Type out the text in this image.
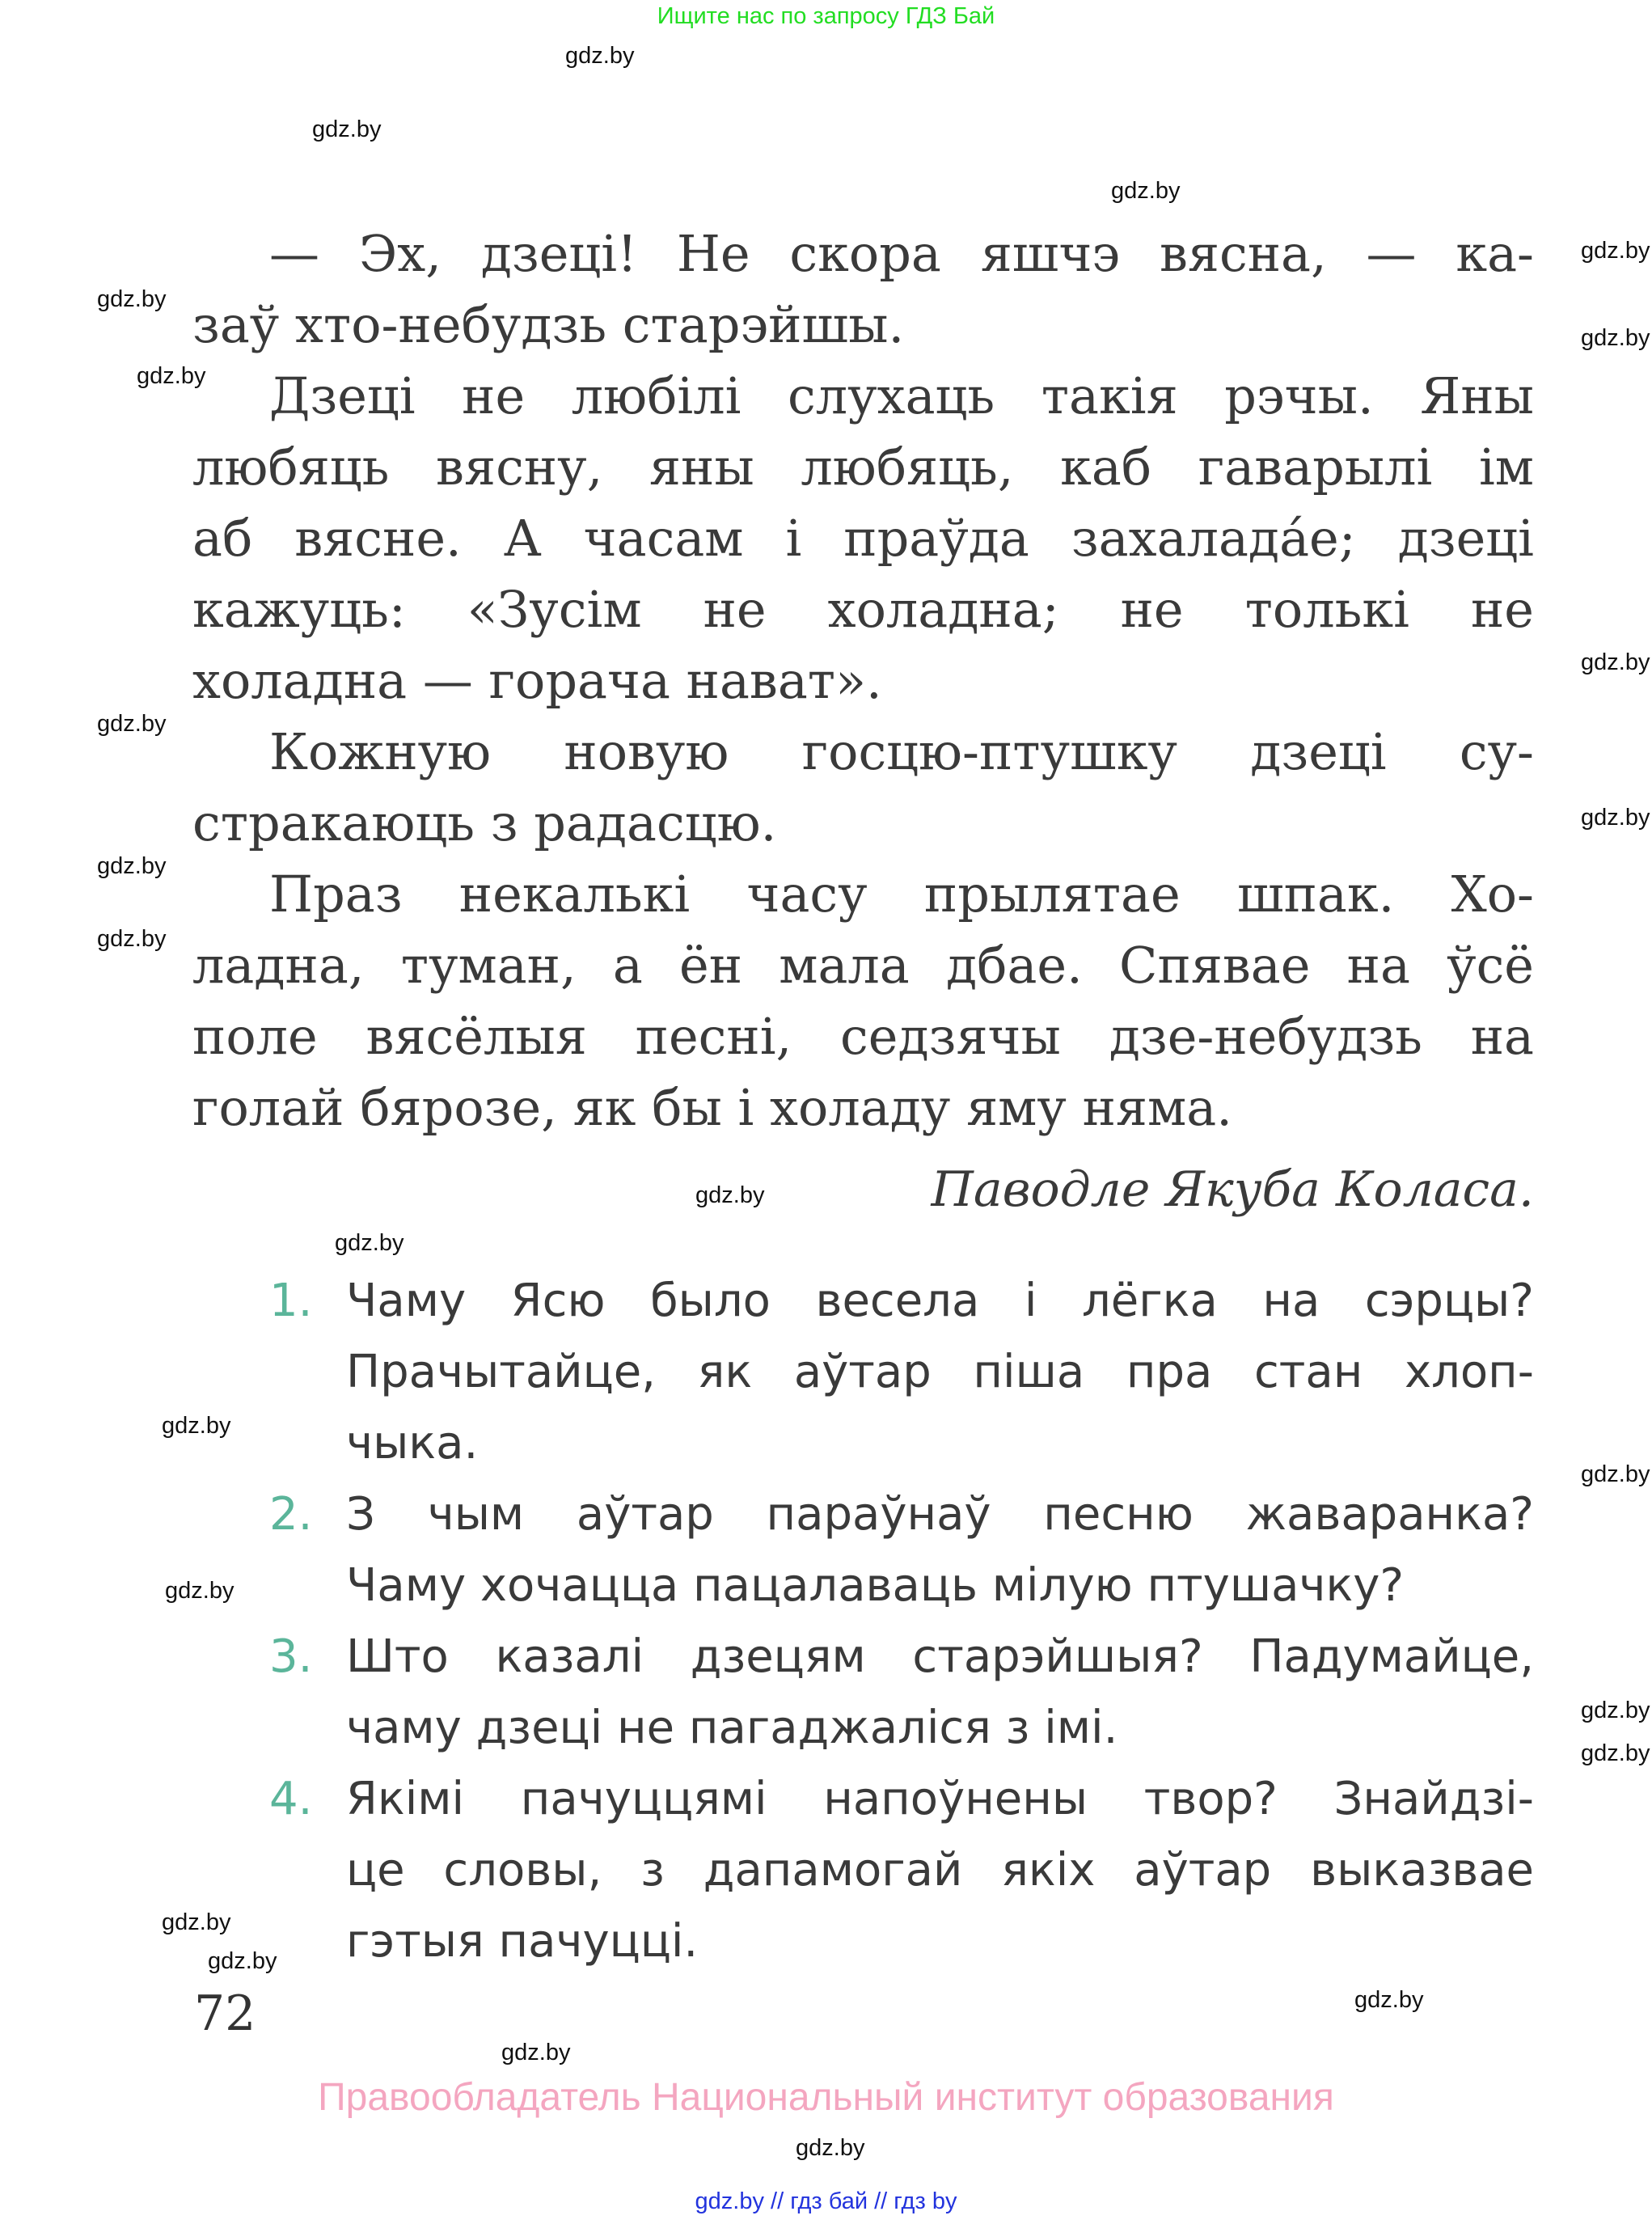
Ищите нас по запросу ГДЗ Бай
— Эх, дзеці! Не скора яшчэ вясна, — ка-
заў хто-небудзь старэйшы.
Дзеці не любілі слухаць такія рэчы. Яны
любяць вясну, яны любяць, каб гаварылі ім
аб вясне. А часам і праўда захалада́е; дзеці
кажуць: «Зусім не холадна; не толькі не
холадна — горача нават».
Кожную новую госцю-птушку дзеці су-
стракаюць з радасцю.
Праз некалькі часу прылятае шпак. Хо-
ладна, туман, а ён мала дбае. Спявае на ўсё
поле вясёлыя песні, седзячы дзе-небудзь на
голай бярозе, як бы і холаду яму няма.
Паводле Якуба Коласа.
1. Чаму Ясю было весела і лёгка на сэрцы?
Прачытайце, як аўтар піша пра стан хлоп-
чыка.
2. З чым аўтар параўнаў песню жаваранка?
Чаму хочацца пацалаваць мілую птушачку?
3. Што казалі дзецям старэйшыя? Падумайце,
чаму дзеці не пагаджаліся з імі.
4. Якімі пачуццямі напоўнены твор? Знайдзі-
це словы, з дапамогай якіх аўтар выказвае
гэтыя пачуцці.
72
Правообладатель Национальный институт образования
gdz.by // гдз бай // гдз by
gdz.by
gdz.by
gdz.by
gdz.by
gdz.by
gdz.by
gdz.by
gdz.by
gdz.by
gdz.by
gdz.by
gdz.by
gdz.by
gdz.by
gdz.by
gdz.by
gdz.by
gdz.by
gdz.by
gdz.by
gdz.by
gdz.by
gdz.by
gdz.by
